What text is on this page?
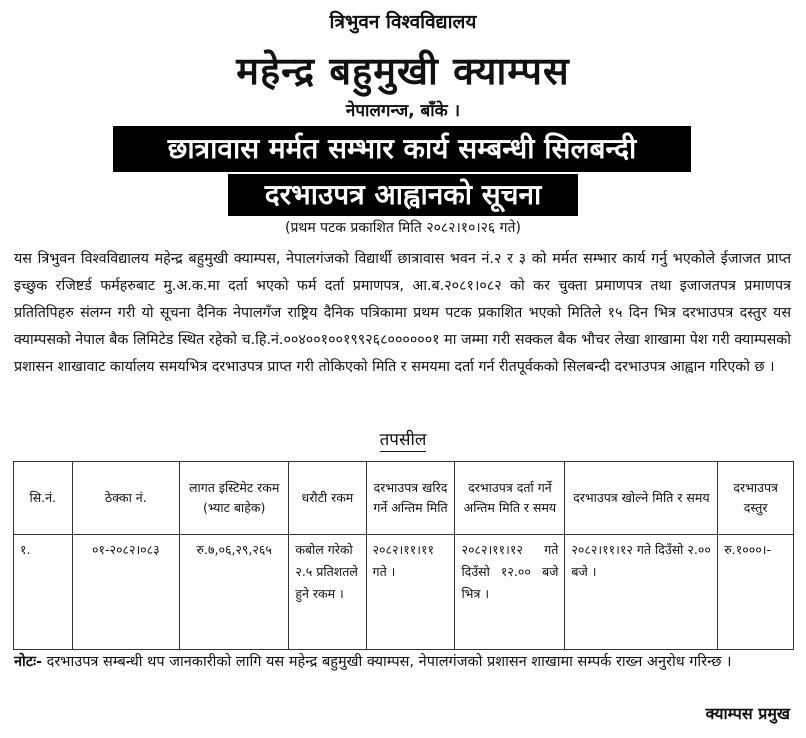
त्रिभुवन विश्वविद्यालय
महेन्द्र बहुमुखी क्याम्पस
नेपालगन्ज, बाँके ।
छात्रावास मर्मत सम्भार कार्य सम्बन्धी सिलबन्दी
दरभाउपत्र आह्वानको सूचना
(प्रथम पटक प्रकाशित मिति २०८२।१०।२६ गते)
यस त्रिभुवन विश्वविद्यालय महेन्द्र बहुमुखी क्याम्पस, नेपालगंजको विद्यार्थी छात्रावास भवन नं.२ र ३ को मर्मत सम्भार कार्य गर्नु भएकोले ईजाजत प्राप्त इच्छुक रजिष्टर्ड फर्महरुबाट मु.अ.क.मा दर्ता भएको फर्म दर्ता प्रमाणपत्र, आ.ब.२०८१।०८२ को कर चुक्ता प्रमाणपत्र तथा इजाजतपत्र प्रमाणपत्र प्रतितिपिहरु संलग्न गरी यो सूचना दैनिक नेपालगँज राष्ट्रिय दैनिक पत्रिकामा प्रथम पटक प्रकाशित भएको मितिले १५ दिन भित्र दरभाउपत्र दस्तुर यस क्याम्पसको नेपाल बैक लिमिटेड स्थित रहेको च.हि.नं.००४००१००१९९२६८००००००१ मा जम्मा गरी सक्कल बैक भौचर लेखा शाखामा पेश गरी क्याम्पसको प्रशासन शाखावाट कार्यालय समयभित्र दरभाउपत्र प्राप्त गरी तोकिएको मिति र समयमा दर्ता गर्न रीतपूर्वकको सिलबन्दी दरभाउपत्र आह्वान गरिएको छ ।
तपसील
सि.नं.	ठेक्का नं.	लागत इस्टिमेट रकम (भ्याट बाहेक)	धरौटी रकम	दरभाउपत्र खरिद गर्ने अन्तिम मिति	दरभाउपत्र दर्ता गर्ने अन्तिम मिति र समय	दरभाउपत्र खोल्ने मिति र समय	दरभाउपत्र दस्तुर
१.	०१-२०८२।०८३	रु.७,०६,२९,२६५	कबोल गरेको २.५ प्रतिशतले हुने रकम ।	२०८२।११।११ गते ।	२०८२।११।१२ गते दिउँसो १२.०० बजे भित्र ।	२०८२।११।१२ गते दिउँसो २.०० बजे ।	रु.१०००।-
नोटः- दरभाउपत्र सम्बन्धी थप जानकारीको लागि यस महेन्द्र बहुमुखी क्याम्पस, नेपालगंजको प्रशासन शाखामा सम्पर्क राख्न अनुरोध गरिन्छ ।
क्याम्पस प्रमुख
